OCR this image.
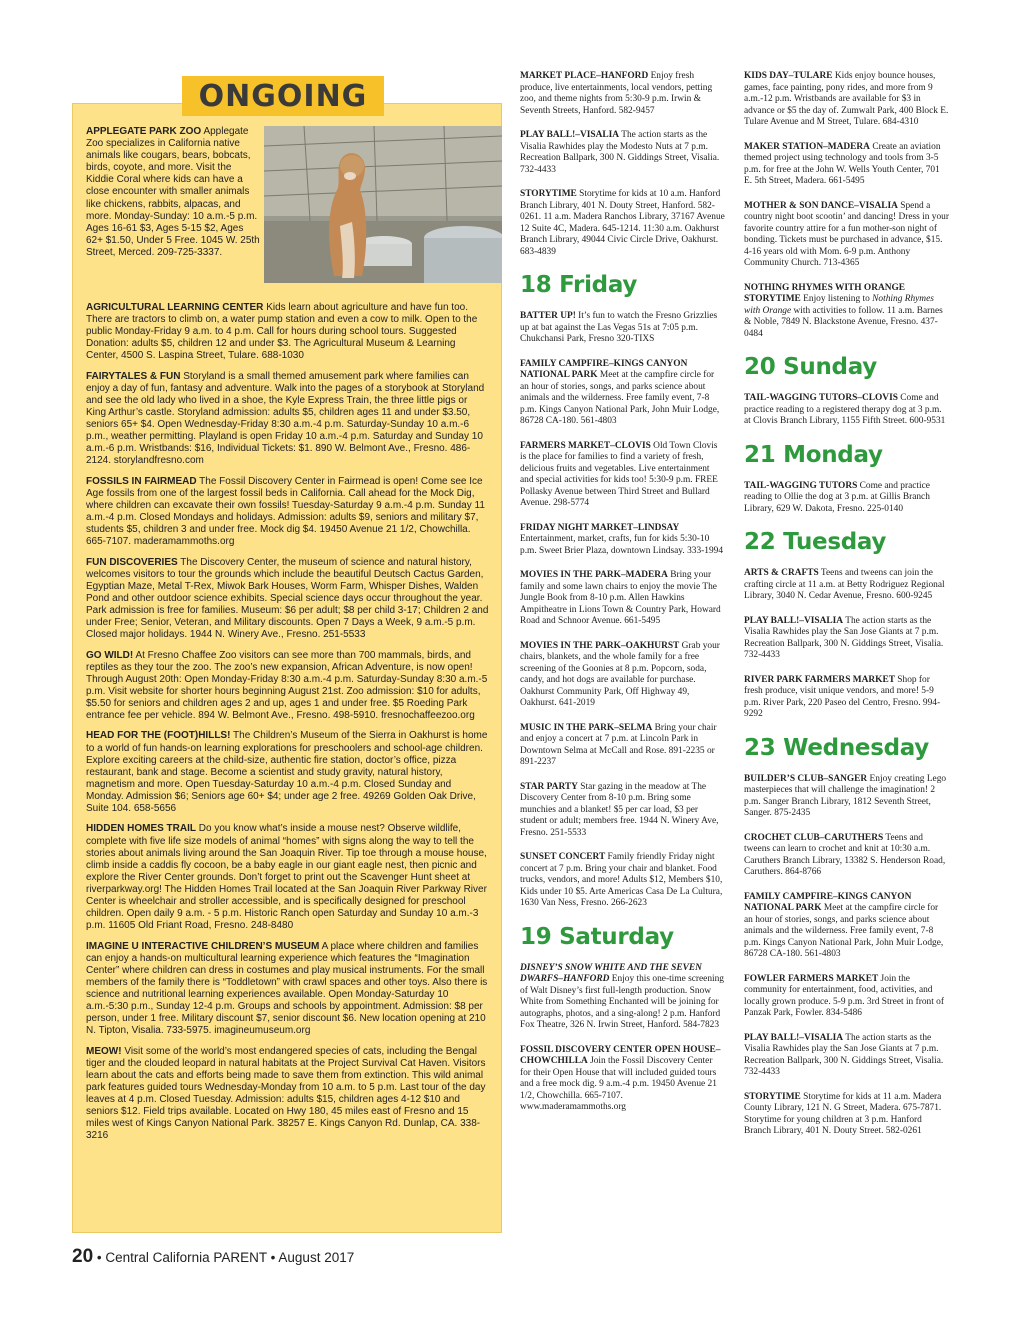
ONGOING

APPLEGATE PARK ZOO Applegate Zoo specializes in California native animals like cougars, bears, bobcats, birds, coyote, and more. Visit the Kiddie Coral where kids can have a close encounter with smaller animals like chickens, rabbits, alpacas, and more. Monday-Sunday: 10 a.m.-5 p.m. Ages 16-61 $3, Ages 5-15 $2, Ages 62+ $1.50, Under 5 Free. 1045 W. 25th Street, Merced. 209-725-3337.

AGRICULTURAL LEARNING CENTER Kids learn about agriculture and have fun too. There are tractors to climb on, a water pump station and even a cow to milk. Open to the public Monday-Friday 9 a.m. to 4 p.m. Call for hours during school tours. Suggested Donation: adults $5, children 12 and under $3. The Agricultural Museum & Learning Center, 4500 S. Laspina Street, Tulare. 688-1030

FAIRYTALES & FUN Storyland is a small themed amusement park where families can enjoy a day of fun, fantasy and adventure. Walk into the pages of a storybook at Storyland and see the old lady who lived in a shoe, the Kyle Express Train, the three little pigs or King Arthur’s castle. Storyland admission: adults $5, children ages 11 and under $3.50, seniors 65+ $4. Open Wednesday-Friday 8:30 a.m.-4 p.m. Saturday-Sunday 10 a.m.-6 p.m., weather permitting. Playland is open Friday 10 a.m.-4 p.m. Saturday and Sunday 10 a.m.-6 p.m. Wristbands: $16, Individual Tickets: $1. 890 W. Belmont Ave., Fresno. 486-2124. storylandfresno.com

FOSSILS IN FAIRMEAD The Fossil Discovery Center in Fairmead is open! Come see Ice Age fossils from one of the largest fossil beds in California. Call ahead for the Mock Dig, where children can excavate their own fossils! Tuesday-Saturday 9 a.m.-4 p.m. Sunday 11 a.m.-4 p.m. Closed Mondays and holidays. Admission: adults $9, seniors and military $7, students $5, children 3 and under free. Mock dig $4. 19450 Avenue 21 1/2, Chowchilla. 665-7107. maderamammoths.org

FUN DISCOVERIES The Discovery Center, the museum of science and natural history, welcomes visitors to tour the grounds which include the beautiful Deutsch Cactus Garden, Egyptian Maze, Metal T-Rex, Miwok Bark Houses, Worm Farm, Whisper Dishes, Walden Pond and other outdoor science exhibits. Special science days occur throughout the year. Park admission is free for families. Museum: $6 per adult; $8 per child 3-17; Children 2 and under Free; Senior, Veteran, and Military discounts. Open 7 Days a Week, 9 a.m.-5 p.m. Closed major holidays. 1944 N. Winery Ave., Fresno. 251-5533

GO WILD! At Fresno Chaffee Zoo visitors can see more than 700 mammals, birds, and reptiles as they tour the zoo. The zoo’s new expansion, African Adventure, is now open! Through August 20th: Open Monday-Friday 8:30 a.m.-4 p.m. Saturday-Sunday 8:30 a.m.-5 p.m. Visit website for shorter hours beginning August 21st. Zoo admission: $10 for adults, $5.50 for seniors and children ages 2 and up, ages 1 and under free. $5 Roeding Park entrance fee per vehicle. 894 W. Belmont Ave., Fresno. 498-5910. fresnochaffeezoo.org

HEAD FOR THE (FOOT)HILLS! The Children’s Museum of the Sierra in Oakhurst is home to a world of fun hands-on learning explorations for preschoolers and school-age children. Explore exciting careers at the child-size, authentic fire station, doctor’s office, pizza restaurant, bank and stage. Become a scientist and study gravity, natural history, magnetism and more. Open Tuesday-Saturday 10 a.m.-4 p.m. Closed Sunday and Monday. Admission $6; Seniors age 60+ $4; under age 2 free. 49269 Golden Oak Drive, Suite 104. 658-5656

HIDDEN HOMES TRAIL Do you know what’s inside a mouse nest? Observe wildlife, complete with five life size models of animal “homes” with signs along the way to tell the stories about animals living around the San Joaquin River. Tip toe through a mouse house, climb inside a caddis fly cocoon, be a baby eagle in our giant eagle nest, then picnic and explore the River Center grounds. Don’t forget to print out the Scavenger Hunt sheet at riverparkway.org! The Hidden Homes Trail located at the San Joaquin River Parkway River Center is wheelchair and stroller accessible, and is specifically designed for preschool children. Open daily 9 a.m. - 5 p.m. Historic Ranch open Saturday and Sunday 10 a.m.-3 p.m. 11605 Old Friant Road, Fresno. 248-8480

IMAGINE U INTERACTIVE CHILDREN’S MUSEUM A place where children and families can enjoy a hands-on multicultural learning experience which features the “Imagination Center” where children can dress in costumes and play musical instruments. For the small members of the family there is “Toddletown” with crawl spaces and other toys. Also there is science and nutritional learning experiences available. Open Monday-Saturday 10 a.m.-5:30 p.m., Sunday 12-4 p.m. Groups and schools by appointment. Admission: $8 per person, under 1 free. Military discount $7, senior discount $6. New location opening at 210 N. Tipton, Visalia. 733-5975. imagineumuseum.org

MEOW! Visit some of the world’s most endangered species of cats, including the Bengal tiger and the clouded leopard in natural habitats at the Project Survival Cat Haven. Visitors learn about the cats and efforts being made to save them from extinction. This wild animal park features guided tours Wednesday-Monday from 10 a.m. to 5 p.m. Last tour of the day leaves at 4 p.m. Closed Tuesday. Admission: adults $15, children ages 4-12 $10 and seniors $12. Field trips available. Located on Hwy 180, 45 miles east of Fresno and 15 miles west of Kings Canyon National Park. 38257 E. Kings Canyon Rd. Dunlap, CA. 338-3216

MARKET PLACE–HANFORD Enjoy fresh produce, live entertainments, local vendors, petting zoo, and theme nights from 5:30-9 p.m. Irwin & Seventh Streets, Hanford. 582-9457

PLAY BALL!–VISALIA The action starts as the Visalia Rawhides play the Modesto Nuts at 7 p.m. Recreation Ballpark, 300 N. Giddings Street, Visalia. 732-4433

STORYTIME Storytime for kids at 10 a.m. Hanford Branch Library, 401 N. Douty Street, Hanford. 582-0261. 11 a.m. Madera Ranchos Library, 37167 Avenue 12 Suite 4C, Madera. 645-1214. 11:30 a.m. Oakhurst Branch Library, 49044 Civic Circle Drive, Oakhurst. 683-4839

18 Friday

BATTER UP! It’s fun to watch the Fresno Grizzlies up at bat against the Las Vegas 51s at 7:05 p.m. Chukchansi Park, Fresno 320-TIXS

FAMILY CAMPFIRE–KINGS CANYON NATIONAL PARK Meet at the campfire circle for an hour of stories, songs, and parks science about animals and the wilderness. Free family event, 7-8 p.m. Kings Canyon National Park, John Muir Lodge, 86728 CA-180. 561-4803

FARMERS MARKET–CLOVIS Old Town Clovis is the place for families to find a variety of fresh, delicious fruits and vegetables. Live entertainment and special activities for kids too! 5:30-9 p.m. FREE Pollasky Avenue between Third Street and Bullard Avenue. 298-5774

FRIDAY NIGHT MARKET–LINDSAY Entertainment, market, crafts, fun for kids 5:30-10 p.m. Sweet Brier Plaza, downtown Lindsay. 333-1994

MOVIES IN THE PARK–MADERA Bring your family and some lawn chairs to enjoy the movie The Jungle Book from 8-10 p.m. Allen Hawkins Ampitheatre in Lions Town & Country Park, Howard Road and Schnoor Avenue. 661-5495

MOVIES IN THE PARK–OAKHURST Grab your chairs, blankets, and the whole family for a free screening of the Goonies at 8 p.m. Popcorn, soda, candy, and hot dogs are available for purchase. Oakhurst Community Park, Off Highway 49, Oakhurst. 641-2019

MUSIC IN THE PARK–SELMA Bring your chair and enjoy a concert at 7 p.m. at Lincoln Park in Downtown Selma at McCall and Rose. 891-2235 or 891-2237

STAR PARTY Star gazing in the meadow at The Discovery Center from 8-10 p.m. Bring some munchies and a blanket! $5 per car load, $3 per student or adult; members free. 1944 N. Winery Ave, Fresno. 251-5533

SUNSET CONCERT Family friendly Friday night concert at 7 p.m. Bring your chair and blanket. Food trucks, vendors, and more! Adults $12, Members $10, Kids under 10 $5. Arte Americas Casa De La Cultura, 1630 Van Ness, Fresno. 266-2623

19 Saturday

DISNEY’S SNOW WHITE AND THE SEVEN DWARFS–HANFORD Enjoy this one-time screening of Walt Disney’s first full-length production. Snow White from Something Enchanted will be joining for autographs, photos, and a sing-along! 2 p.m. Hanford Fox Theatre, 326 N. Irwin Street, Hanford. 584-7823

FOSSIL DISCOVERY CENTER OPEN HOUSE–CHOWCHILLA Join the Fossil Discovery Center for their Open House that will included guided tours and a free mock dig. 9 a.m.-4 p.m. 19450 Avenue 21 1/2, Chowchilla. 665-7107. www.maderamammoths.org

KIDS DAY–TULARE Kids enjoy bounce houses, games, face painting, pony rides, and more from 9 a.m.-12 p.m. Wristbands are available for $3 in advance or $5 the day of. Zumwalt Park, 400 Block E. Tulare Avenue and M Street, Tulare. 684-4310

MAKER STATION–MADERA Create an aviation themed project using technology and tools from 3-5 p.m. for free at the John W. Wells Youth Center, 701 E. 5th Street, Madera. 661-5495

MOTHER & SON DANCE–VISALIA Spend a country night boot scootin’ and dancing! Dress in your favorite country attire for a fun mother-son night of bonding. Tickets must be purchased in advance, $15. 4-16 years old with Mom. 6-9 p.m. Anthony Community Church. 713-4365

NOTHING RHYMES WITH ORANGE STORYTIME Enjoy listening to Nothing Rhymes with Orange with activities to follow. 11 a.m. Barnes & Noble, 7849 N. Blackstone Avenue, Fresno. 437-0484

20 Sunday

TAIL-WAGGING TUTORS–CLOVIS Come and practice reading to a registered therapy dog at 3 p.m. at Clovis Branch Library, 1155 Fifth Street. 600-9531

21 Monday

TAIL-WAGGING TUTORS Come and practice reading to Ollie the dog at 3 p.m. at Gillis Branch Library, 629 W. Dakota, Fresno. 225-0140

22 Tuesday

ARTS & CRAFTS Teens and tweens can join the crafting circle at 11 a.m. at Betty Rodriguez Regional Library, 3040 N. Cedar Avenue, Fresno. 600-9245

PLAY BALL!–VISALIA The action starts as the Visalia Rawhides play the San Jose Giants at 7 p.m. Recreation Ballpark, 300 N. Giddings Street, Visalia. 732-4433

RIVER PARK FARMERS MARKET Shop for fresh produce, visit unique vendors, and more! 5-9 p.m. River Park, 220 Paseo del Centro, Fresno. 994-9292

23 Wednesday

BUILDER’S CLUB–SANGER Enjoy creating Lego masterpieces that will challenge the imagination! 2 p.m. Sanger Branch Library, 1812 Seventh Street, Sanger. 875-2435

CROCHET CLUB–CARUTHERS Teens and tweens can learn to crochet and knit at 10:30 a.m. Caruthers Branch Library, 13382 S. Henderson Road, Caruthers. 864-8766

FAMILY CAMPFIRE–KINGS CANYON NATIONAL PARK Meet at the campfire circle for an hour of stories, songs, and parks science about animals and the wilderness. Free family event, 7-8 p.m. Kings Canyon National Park, John Muir Lodge, 86728 CA-180. 561-4803

FOWLER FARMERS MARKET Join the community for entertainment, food, activities, and locally grown produce. 5-9 p.m. 3rd Street in front of Panzak Park, Fowler. 834-5486

PLAY BALL!–VISALIA The action starts as the Visalia Rawhides play the San Jose Giants at 7 p.m. Recreation Ballpark, 300 N. Giddings Street, Visalia. 732-4433

STORYTIME Storytime for kids at 11 a.m. Madera County Library, 121 N. G Street, Madera. 675-7871. Storytime for young children at 3 p.m. Hanford Branch Library, 401 N. Douty Street. 582-0261

20 • Central California PARENT • August 2017
